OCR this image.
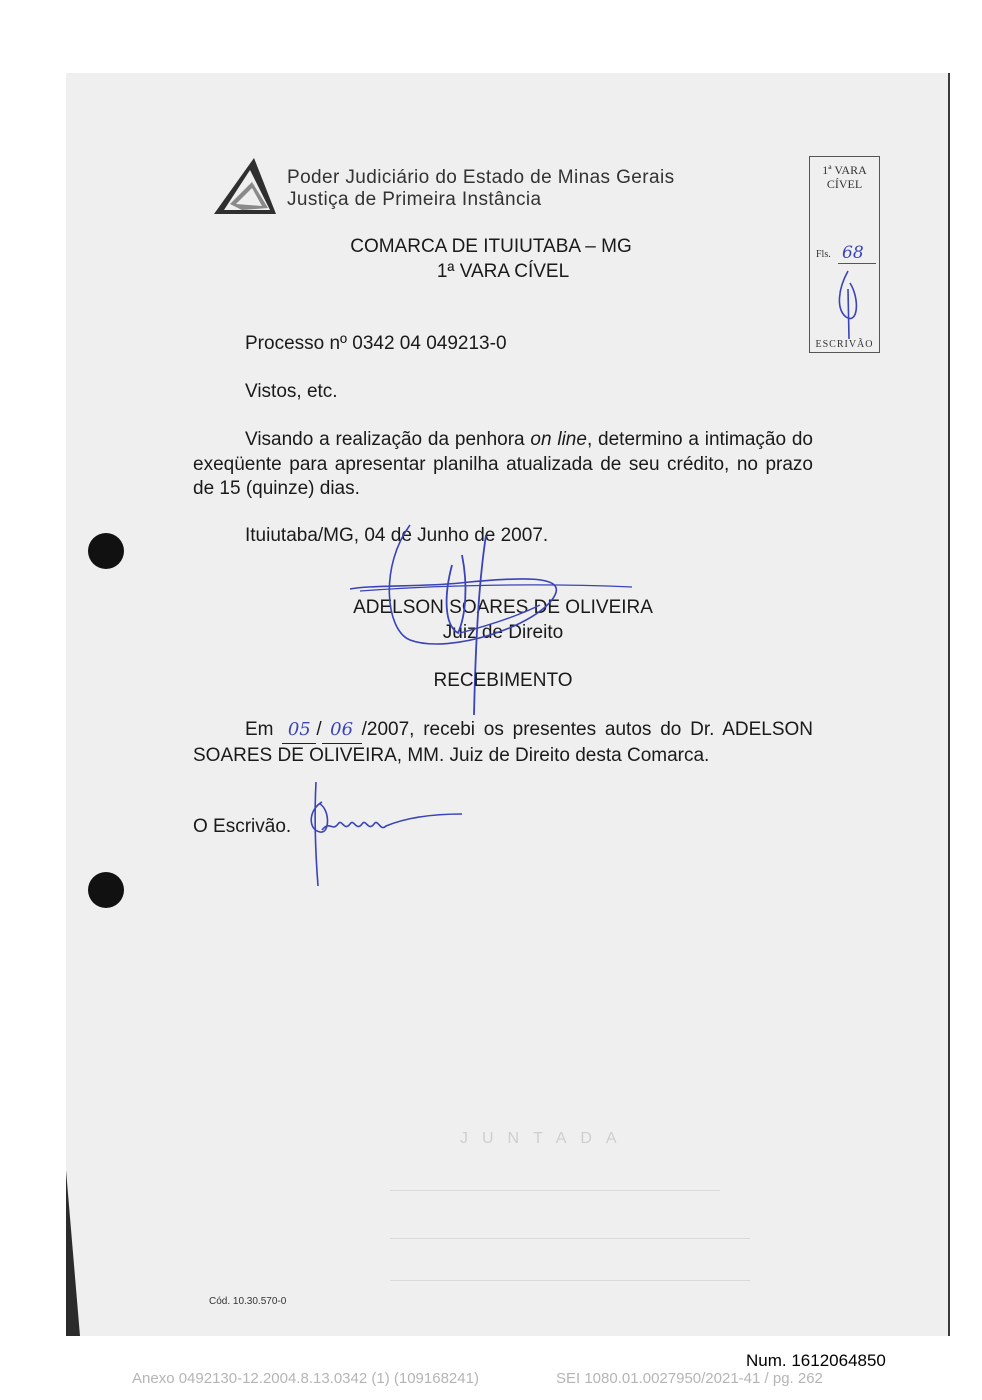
JUNTADA
Poder Judiciário do Estado de Minas Gerais
Justiça de Primeira Instância
1ª VARA
CÍVEL
Fls. 68
ESCRIVÃO
COMARCA DE ITUIUTABA – MG
1ª VARA CÍVEL
Processo nº 0342 04 049213-0
Vistos, etc.
Visando a realização da penhora on line, determino a intimação do exeqüente para apresentar planilha atualizada de seu crédito, no prazo de 15 (quinze) dias.
Ituiutaba/MG, 04 de Junho de 2007.
ADELSON SOARES DE OLIVEIRA
Juiz de Direito
RECEBIMENTO
Em 05 / 06 /2007, recebi os presentes autos do Dr. ADELSON SOARES DE OLIVEIRA, MM. Juiz de Direito desta Comarca.
O Escrivão.
Cód. 10.30.570-0
Num. 1612064850
Anexo 0492130-12.2004.8.13.0342 (1) (109168241)	SEI 1080.01.0027950/2021-41 / pg. 262
